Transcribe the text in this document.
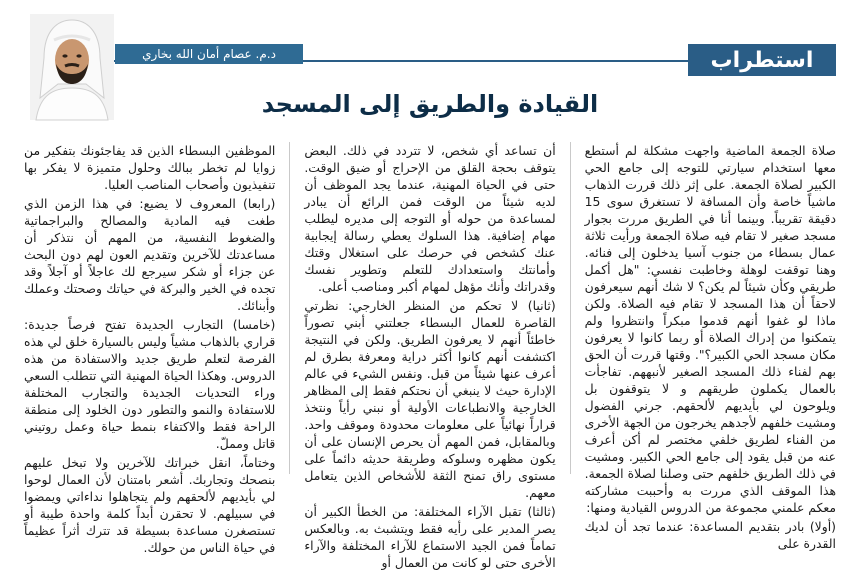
استطراب
د.م. عصام أمان الله بخاري
القيادة والطريق إلى المسجد

صلاة الجمعة الماضية واجهت مشكلة لم أستطع معها استخدام سيارتي للتوجه إلى جامع الحي الكبير لصلاة الجمعة. على إثر ذلك قررت الذهاب ماشياً خاصة وأن المسافة لا تستغرق سوى 15 دقيقة تقريباً. وبينما أنا في الطريق مررت بجوار مسجد صغير لا تقام فيه صلاة الجمعة ورأيت ثلاثة عمال بسطاء من جنوب آسيا يدخلون إلى فنائه. وهنا توقفت لوهلة وخاطبت نفسي: "هل أكمل طريقي وكأن شيئاً لم يكن؟ لا شك أنهم سيعرفون لاحقاً أن هذا المسجد لا تقام فيه الصلاة. ولكن ماذا لو غفوا أنهم قدموا مبكراً وانتظروا ولم يتمكنوا من إدراك الصلاة أو ربما كانوا لا يعرفون مكان مسجد الحي الكبير؟". وقتها قررت أن الحق بهم لفناء ذلك المسجد الصغير لأنبههم. تفاجأت بالعمال يكملون طريقهم و لا يتوقفون بل ويلوحون لي بأيديهم لألحقهم. جرني الفضول ومشيت خلفهم لأجدهم يخرجون من الجهة الأخرى من الفناء لطريق خلفي مختصر لم أكن أعرف عنه من قبل يقود إلى جامع الحي الكبير. ومشيت في ذلك الطريق خلفهم حتى وصلنا لصلاة الجمعة. هذا الموقف الذي مررت به وأحببت مشاركته معكم علمني مجموعة من الدروس القيادية ومنها:

(أولا) بادر بتقديم المساعدة: عندما تجد أن لديك القدرة على

أن تساعد أي شخص، لا تتردد في ذلك. البعض يتوقف بحجة القلق من الإحراج أو ضيق الوقت. حتى في الحياة المهنية، عندما يجد الموظف أن لديه شيئاً من الوقت فمن الرائع أن يبادر لمساعدة من حوله أو التوجه إلى مديره ليطلب مهام إضافية. هذا السلوك يعطي رسالة إيجابية عنك كشخص في حرصك على استغلال وقتك وأمانتك واستعدادك للتعلم وتطوير نفسك وقدراتك وأنك مؤهل لمهام أكبر ومناصب أعلى.

(ثانيا) لا تحكم من المنظر الخارجي: نظرتي القاصرة للعمال البسطاء جعلتني أبني تصوراً خاطئاً أنهم لا يعرفون الطريق. ولكن في النتيجة اكتشفت أنهم كانوا أكثر دراية ومعرفة بطرق لم أعرف عنها شيئاً من قبل. ونفس الشيء في عالم الإدارة حيث لا ينبغي أن نحتكم فقط إلى المظاهر الخارجية والانطباعات الأولية أو نبني رأياً ونتخذ قراراً نهائياً على معلومات محدودة وموقف واحد. وبالمقابل، فمن المهم أن يحرص الإنسان على أن يكون مظهره وسلوكه وطريقة حديثه دائماً على مستوى راق تمنح الثقة للأشخاص الذين يتعامل معهم.

(ثالثا) تقبل الآراء المختلفة: من الخطأ الكبير أن يصر المدير على رأيه فقط ويتشبث به. وبالعكس تماماً فمن الجيد الاستماع للآراء المختلفة والآراء الأخرى حتى لو كانت من العمال أو

الموظفين البسطاء الذين قد يفاجئونك بتفكير من زوايا لم تخطر ببالك وحلول متميزة لا يفكر بها تنفيذيون وأصحاب المناصب العليا.

(رابعا) المعروف لا يضيع: في هذا الزمن الذي طغت فيه المادية والمصالح والبراجماتية والضغوط النفسية، من المهم أن نتذكر أن مساعدتك للآخرين وتقديم العون لهم دون البحث عن جزاء أو شكر سيرجع لك عاجلاً أو آجلاً وقد تجده في الخير والبركة في حياتك وصحتك وعملك وأبنائك.

(خامسا) التجارب الجديدة تفتح فرصاً جديدة: قراري بالذهاب مشياً وليس بالسيارة خلق لي هذه الفرصة لتعلم طريق جديد والاستفادة من هذه الدروس. وهكذا الحياة المهنية التي تتطلب السعي وراء التحديات الجديدة والتجارب المختلفة للاستفادة والنمو والتطور دون الخلود إلى منطقة الراحة فقط والاكتفاء بنمط حياة وعمل روتيني قاتل ومملّ.

وختاماً، انقل خبراتك للآخرين ولا تبخل عليهم بنصحك وتجاربك. أشعر بامتنان لأن العمال لوحوا لي بأيديهم لألحقهم ولم يتجاهلوا نداءاتي ويمضوا في سبيلهم. لا تحقرن أبداً كلمة واحدة طيبة أو تستصغرن مساعدة بسيطة قد تترك أثراً عظيماً في حياة الناس من حولك.
